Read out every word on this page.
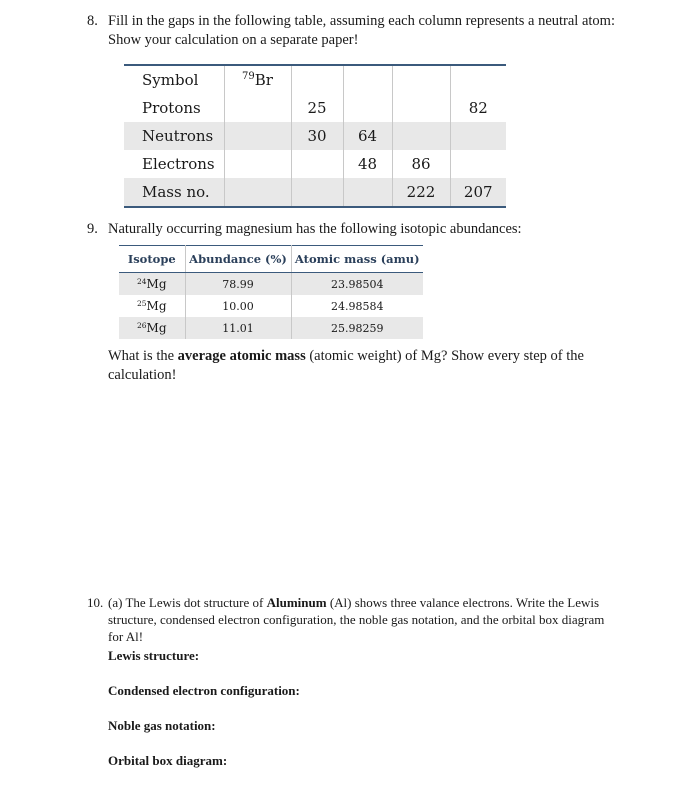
8. Fill in the gaps in the following table, assuming each column represents a neutral atom:
Show your calculation on a separate paper!
Symbol	$^{79}$Br				
Protons		25			82
Neutrons		30	64		
Electrons			48	86	
Mass no.				222	207
9. Naturally occurring magnesium has the following isotopic abundances:
Isotope	Abundance (%)	Atomic mass (amu)
$^{24}$Mg	78.99	23.98504
$^{25}$Mg	10.00	24.98584
$^{26}$Mg	11.01	25.98259
What is the average atomic mass (atomic weight) of Mg? Show every step of the
calculation!
10. (a) The Lewis dot structure of Aluminum (Al) shows three valance electrons. Write the Lewis
structure, condensed electron configuration, the noble gas notation, and the orbital box diagram
for Al!
Lewis structure:
Condensed electron configuration:
Noble gas notation:
Orbital box diagram:
